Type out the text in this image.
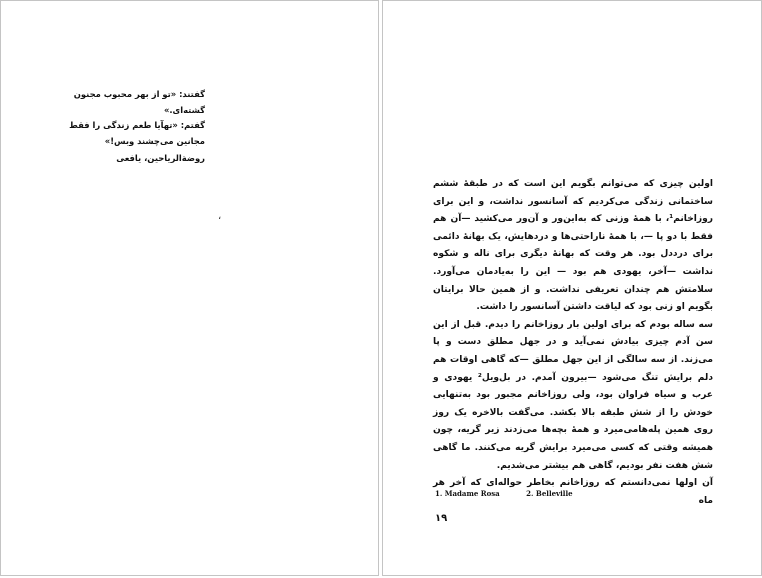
گفتند: «تو از بهر محبوب مجنون گشته‌ای.»

گفتم: «تهآیا طعم زندگی را فقط مجانین می‌چشند وبس!»

روضةالریاحین، یافعی

،

اولین چیزی که می‌توانم بگویم این است که در طبقهٔ ششم ساختمانی زندگی می‌کردیم که آسانسور نداشت، و این برای روزاخانم¹، با همهٔ وزنی که به‌این‌ور و آن‌ور می‌کشید —آن هم فقط با دو پا —، با همهٔ ناراحتی‌ها و دردهایش، یک بهانهٔ دائمی برای درددل بود. هر وقت که بهانهٔ دیگری برای ناله و شکوه نداشت —آخر، یهودی هم بود — این را به‌یادمان می‌آورد. سلامتش هم چندان تعریفی نداشت. و از همین حالا برایتان بگویم او زنی بود که لیاقت داشتن آسانسور را داشت.

سه ساله بودم که برای اولین بار روزاخانم را دیدم. قبل از این سن آدم چیزی بیادش نمی‌آید و در جهل مطلق دست و پا می‌زند. از سه سالگی از این جهل مطلق —که گاهی اوقات هم دلم برایش تنگ می‌شود —بیرون آمدم. در بل‌ویل² یهودی و عرب و سیاه فراوان بود، ولی روزاخانم مجبور بود به‌تنهایی خودش را از شش طبقه بالا بکشد. می‌گفت بالاخره یک روز روی همین پله‌هامی‌میرد و همهٔ بچه‌ها می‌زدند زیر گریه، چون همیشه وقتی که کسی می‌میرد برایش گریه می‌کنند. ما گاهی شش هفت نفر بودیم، گاهی هم بیشتر می‌شدیم.

آن اولها نمی‌دانستم که روزاخانم بخاطر حواله‌ای که آخر هر ماه

1. Madame Rosa	2. Belleville
۱۹
